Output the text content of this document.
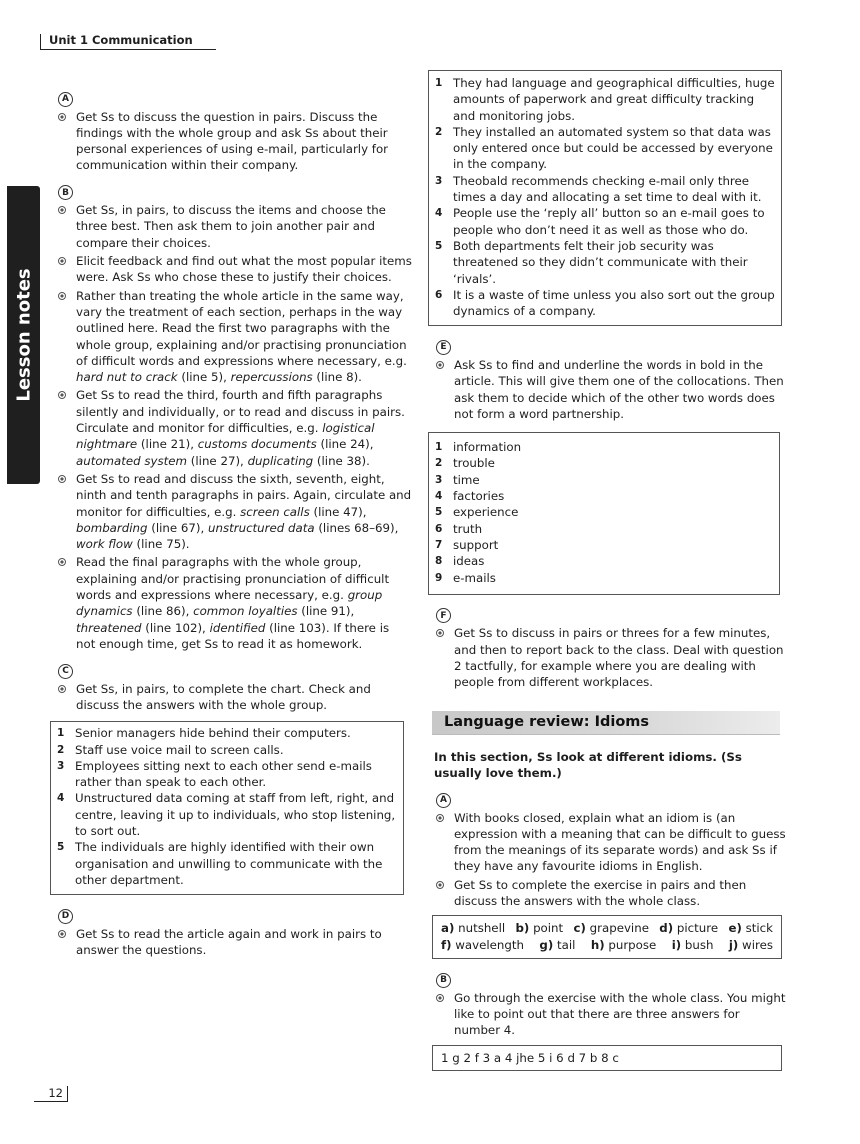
Unit 1 Communication
Lesson notes
A
Get Ss to discuss the question in pairs. Discuss the findings with the whole group and ask Ss about their personal experiences of using e-mail, particularly for communication within their company.
B
Get Ss, in pairs, to discuss the items and choose the three best. Then ask them to join another pair and compare their choices.
Elicit feedback and find out what the most popular items were. Ask Ss who chose these to justify their choices.
Rather than treating the whole article in the same way, vary the treatment of each section, perhaps in the way outlined here. Read the first two paragraphs with the whole group, explaining and/or practising pronunciation of difficult words and expressions where necessary, e.g. hard nut to crack (line 5), repercussions (line 8).
Get Ss to read the third, fourth and fifth paragraphs silently and individually, or to read and discuss in pairs. Circulate and monitor for difficulties, e.g. logistical nightmare (line 21), customs documents (line 24), automated system (line 27), duplicating (line 38).
Get Ss to read and discuss the sixth, seventh, eight, ninth and tenth paragraphs in pairs. Again, circulate and monitor for difficulties, e.g. screen calls (line 47), bombarding (line 67), unstructured data (lines 68–69), work flow (line 75).
Read the final paragraphs with the whole group, explaining and/or practising pronunciation of difficult words and expressions where necessary, e.g. group dynamics (line 86), common loyalties (line 91), threatened (line 102), identified (line 103). If there is not enough time, get Ss to read it as homework.
C
Get Ss, in pairs, to complete the chart. Check and discuss the answers with the whole group.
1 Senior managers hide behind their computers.
2 Staff use voice mail to screen calls.
3 Employees sitting next to each other send e-mails rather than speak to each other.
4 Unstructured data coming at staff from left, right, and centre, leaving it up to individuals, who stop listening, to sort out.
5 The individuals are highly identified with their own organisation and unwilling to communicate with the other department.
D
Get Ss to read the article again and work in pairs to answer the questions.
1 They had language and geographical difficulties, huge amounts of paperwork and great difficulty tracking and monitoring jobs.
2 They installed an automated system so that data was only entered once but could be accessed by everyone in the company.
3 Theobald recommends checking e-mail only three times a day and allocating a set time to deal with it.
4 People use the ‘reply all’ button so an e-mail goes to people who don’t need it as well as those who do.
5 Both departments felt their job security was threatened so they didn’t communicate with their ‘rivals’.
6 It is a waste of time unless you also sort out the group dynamics of a company.
E
Ask Ss to find and underline the words in bold in the article. This will give them one of the collocations. Then ask them to decide which of the other two words does not form a word partnership.
1 information
2 trouble
3 time
4 factories
5 experience
6 truth
7 support
8 ideas
9 e-mails
F
Get Ss to discuss in pairs or threes for a few minutes, and then to report back to the class. Deal with question 2 tactfully, for example where you are dealing with people from different workplaces.
Language review: Idioms
In this section, Ss look at different idioms. (Ss usually love them.)
A
With books closed, explain what an idiom is (an expression with a meaning that can be difficult to guess from the meanings of its separate words) and ask Ss if they have any favourite idioms in English.
Get Ss to complete the exercise in pairs and then discuss the answers with the whole class.
a) nutshell b) point c) grapevine d) picture e) stick
f) wavelength g) tail h) purpose i) bush j) wires
B
Go through the exercise with the whole class. You might like to point out that there are three answers for number 4.
1 g 2 f 3 a 4 jhe 5 i 6 d 7 b 8 c
12
